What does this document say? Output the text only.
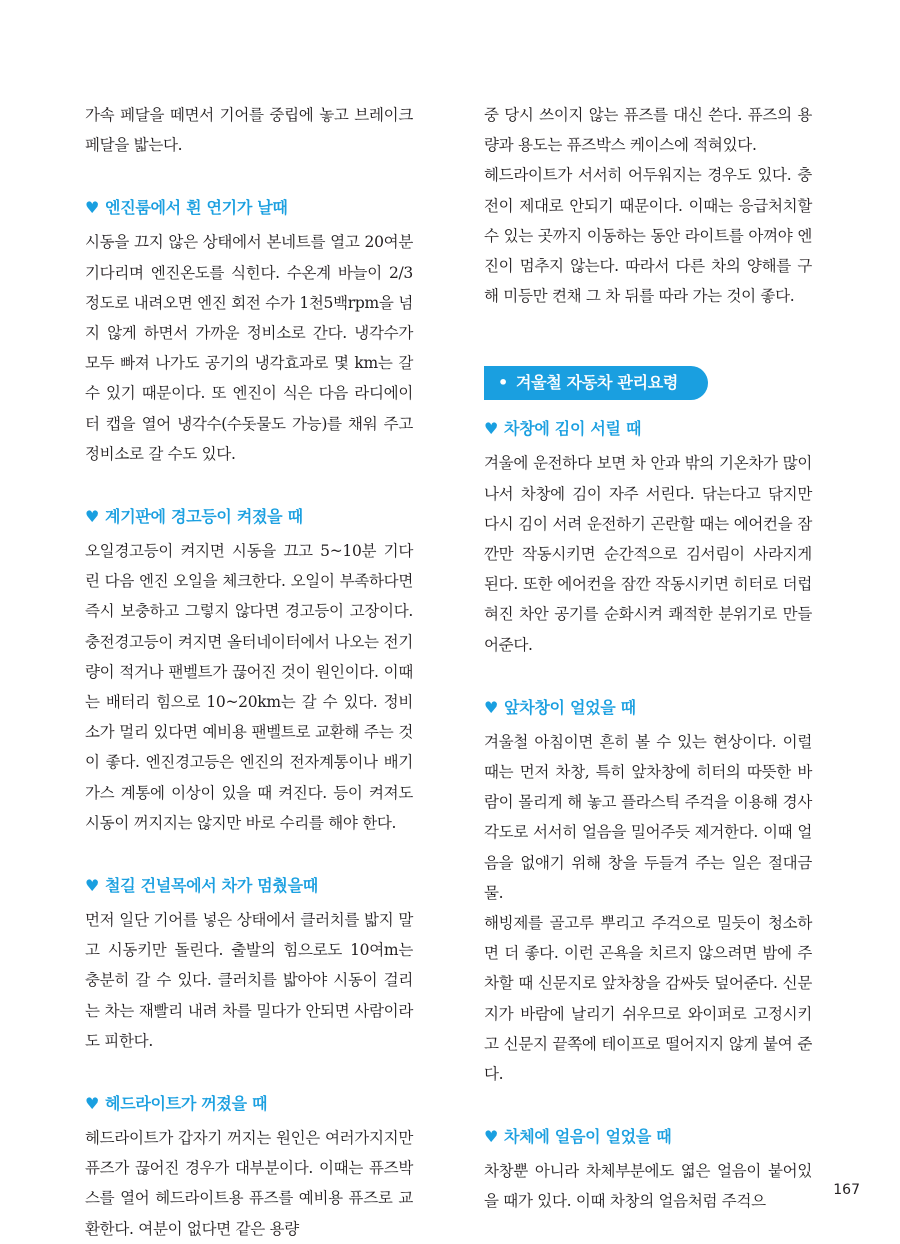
가속 페달을 떼면서 기어를 중립에 놓고 브레이크 페달을 밟는다.

♥ 엔진룸에서 흰 연기가 날때

시동을 끄지 않은 상태에서 본네트를 열고 20여분 기다리며 엔진온도를 식힌다. 수온계 바늘이 2/3정도로 내려오면 엔진 회전 수가 1천5백rpm을 넘지 않게 하면서 가까운 정비소로 간다. 냉각수가 모두 빠져 나가도 공기의 냉각효과로 몇 km는 갈수 있기 때문이다. 또 엔진이 식은 다음 라디에이터 캡을 열어 냉각수(수돗물도 가능)를 채워 주고 정비소로 갈 수도 있다.

♥ 계기판에 경고등이 켜졌을 때

오일경고등이 켜지면 시동을 끄고 5~10분 기다린 다음 엔진 오일을 체크한다. 오일이 부족하다면 즉시 보충하고 그렇지 않다면 경고등이 고장이다. 충전경고등이 켜지면 올터네이터에서 나오는 전기량이 적거나 팬벨트가 끊어진 것이 원인이다. 이때는 배터리 힘으로 10~20km는 갈 수 있다. 정비소가 멀리 있다면 예비용 팬벨트로 교환해 주는 것이 좋다. 엔진경고등은 엔진의 전자계통이나 배기가스 계통에 이상이 있을 때 켜진다. 등이 켜져도 시동이 꺼지지는 않지만 바로 수리를 해야 한다.

♥ 철길 건널목에서 차가 멈췄을때

먼저 일단 기어를 넣은 상태에서 클러치를 밟지 말고 시동키만 돌린다. 출발의 힘으로도 10여m는 충분히 갈 수 있다. 클러치를 밟아야 시동이 걸리는 차는 재빨리 내려 차를 밀다가 안되면 사람이라도 피한다.

♥ 헤드라이트가 꺼졌을 때

헤드라이트가 갑자기 꺼지는 원인은 여러가지지만 퓨즈가 끊어진 경우가 대부분이다. 이때는 퓨즈박스를 열어 헤드라이트용 퓨즈를 예비용 퓨즈로 교환한다. 여분이 없다면 같은 용량

중 당시 쓰이지 않는 퓨즈를 대신 쓴다. 퓨즈의 용량과 용도는 퓨즈박스 케이스에 적혀있다.

헤드라이트가 서서히 어두워지는 경우도 있다. 충전이 제대로 안되기 때문이다. 이때는 응급처치할 수 있는 곳까지 이동하는 동안 라이트를 아껴야 엔진이 멈추지 않는다. 따라서 다른 차의 양해를 구해 미등만 켠채 그 차 뒤를 따라 가는 것이 좋다.

• 겨울철 자동차 관리요령
♥ 차창에 김이 서릴 때

겨울에 운전하다 보면 차 안과 밖의 기온차가 많이 나서 차창에 김이 자주 서린다. 닦는다고 닦지만 다시 김이 서려 운전하기 곤란할 때는 에어컨을 잠깐만 작동시키면 순간적으로 김서림이 사라지게 된다. 또한 에어컨을 잠깐 작동시키면 히터로 더럽혀진 차안 공기를 순화시켜 쾌적한 분위기로 만들어준다.

♥ 앞차창이 얼었을 때

겨울철 아침이면 흔히 볼 수 있는 현상이다. 이럴 때는 먼저 차창, 특히 앞차창에 히터의 따뜻한 바람이 몰리게 해 놓고 플라스틱 주걱을 이용해 경사각도로 서서히 얼음을 밀어주듯 제거한다. 이때 얼음을 없애기 위해 창을 두들겨 주는 일은 절대금물.

해빙제를 골고루 뿌리고 주걱으로 밀듯이 청소하면 더 좋다. 이런 곤욕을 치르지 않으려면 밤에 주차할 때 신문지로 앞차창을 감싸듯 덮어준다. 신문지가 바람에 날리기 쉬우므로 와이퍼로 고정시키고 신문지 끝쪽에 테이프로 떨어지지 않게 붙여 준다.

♥ 차체에 얼음이 얼었을 때

차창뿐 아니라 차체부분에도 엷은 얼음이 붙어있을 때가 있다. 이때 차창의 얼음처럼 주걱으

167
